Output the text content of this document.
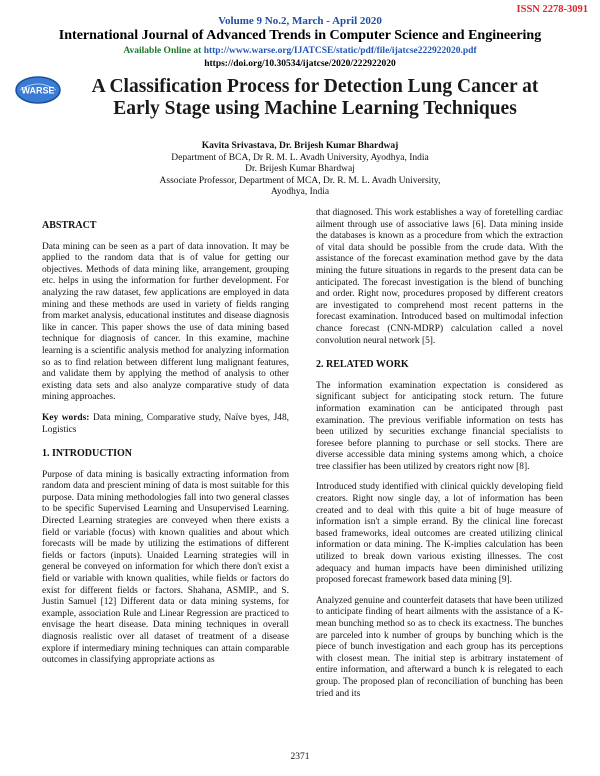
ISSN 2278-3091
Volume 9 No.2, March - April 2020
International Journal of Advanced Trends in Computer Science and Engineering
Available Online at http://www.warse.org/IJATCSE/static/pdf/file/ijatcse222922020.pdf
https://doi.org/10.30534/ijatcse/2020/222922020
WARSE	A Classification Process for Detection Lung Cancer at
Early Stage using Machine Learning Techniques
Kavita Srivastava, Dr. Brijesh Kumar Bhardwaj
Department of BCA, Dr R. M. L. Avadh University, Ayodhya, India
Dr. Brijesh Kumar Bhardwaj
Associate Professor, Department of MCA, Dr. R. M. L. Avadh University,
Ayodhya, India
ABSTRACT

Data mining can be seen as a part of data innovation. It may be applied to the random data that is of value for getting our objectives. Methods of data mining like, arrangement, grouping etc. helps in using the information for further development. For analyzing the raw dataset, few applications are employed in data mining and these methods are used in variety of fields ranging from market analysis, educational institutes and disease diagnosis like in cancer. This paper shows the use of data mining based technique for diagnosis of cancer. In this examine, machine learning is a scientific analysis method for analyzing information so as to find relation between different lung malignant features, and validate them by applying the method of analysis to other existing data sets and also analyze comparative study of data mining approaches.

Key words: Data mining, Comparative study, Naïve byes, J48, Logistics

1. INTRODUCTION

Purpose of data mining is basically extracting information from random data and prescient mining of data is most suitable for this purpose. Data mining methodologies fall into two general classes to be specific Supervised Learning and Unsupervised Learning. Directed Learning strategies are conveyed when there exists a field or variable (focus) with known qualities and about which forecasts will be made by utilizing the estimations of different fields or factors (inputs). Unaided Learning strategies will in general be conveyed on information for which there don't exist a field or variable with known qualities, while fields or factors do exist for different fields or factors. Shahana, ASMIP., and S. Justin Samuel [12] Different data or data mining systems, for example, association Rule and Linear Regression are practiced to envisage the heart disease. Data mining techniques in overall diagnosis realistic over all dataset of treatment of a disease explore if intermediary mining techniques can attain comparable outcomes in classifying appropriate actions as

that diagnosed. This work establishes a way of foretelling cardiac ailment through use of associative laws [6]. Data mining inside the databases is known as a procedure from which the extraction of vital data should be possible from the crude data. With the assistance of the forecast examination method gave by the data mining the future situations in regards to the present data can be anticipated. The forecast investigation is the blend of bunching and order. Right now, procedures proposed by different creators are investigated to comprehend most recent patterns in the forecast examination. Introduced based on multimodal infection chance forecast (CNN-MDRP) calculation called a novel convolution neural network [5].

2. RELATED WORK

The information examination expectation is considered as significant subject for anticipating stock return. The future information examination can be anticipated through past examination. The previous verifiable information on tests has been utilized by securities exchange financial specialists to foresee before planning to purchase or sell stocks. There are diverse accessible data mining systems among which, a choice tree classifier has been utilized by creators right now [8].

Introduced study identified with clinical quickly developing field creators. Right now single day, a lot of information has been created and to deal with this quite a bit of huge measure of information isn't a simple errand. By the clinical line forecast based frameworks, ideal outcomes are created utilizing clinical information or data mining. The K-implies calculation has been utilized to break down various existing illnesses. The cost adequacy and human impacts have been diminished utilizing proposed forecast framework based data mining [9].

Analyzed genuine and counterfeit datasets that have been utilized to anticipate finding of heart ailments with the assistance of a K-mean bunching method so as to check its exactness. The bunches are parceled into k number of groups by bunching which is the piece of bunch investigation and each group has its perceptions with closest mean. The initial step is arbitrary instatement of entire information, and afterward a bunch k is relegated to each group. The proposed plan of reconciliation of bunching has been tried and its

2371
